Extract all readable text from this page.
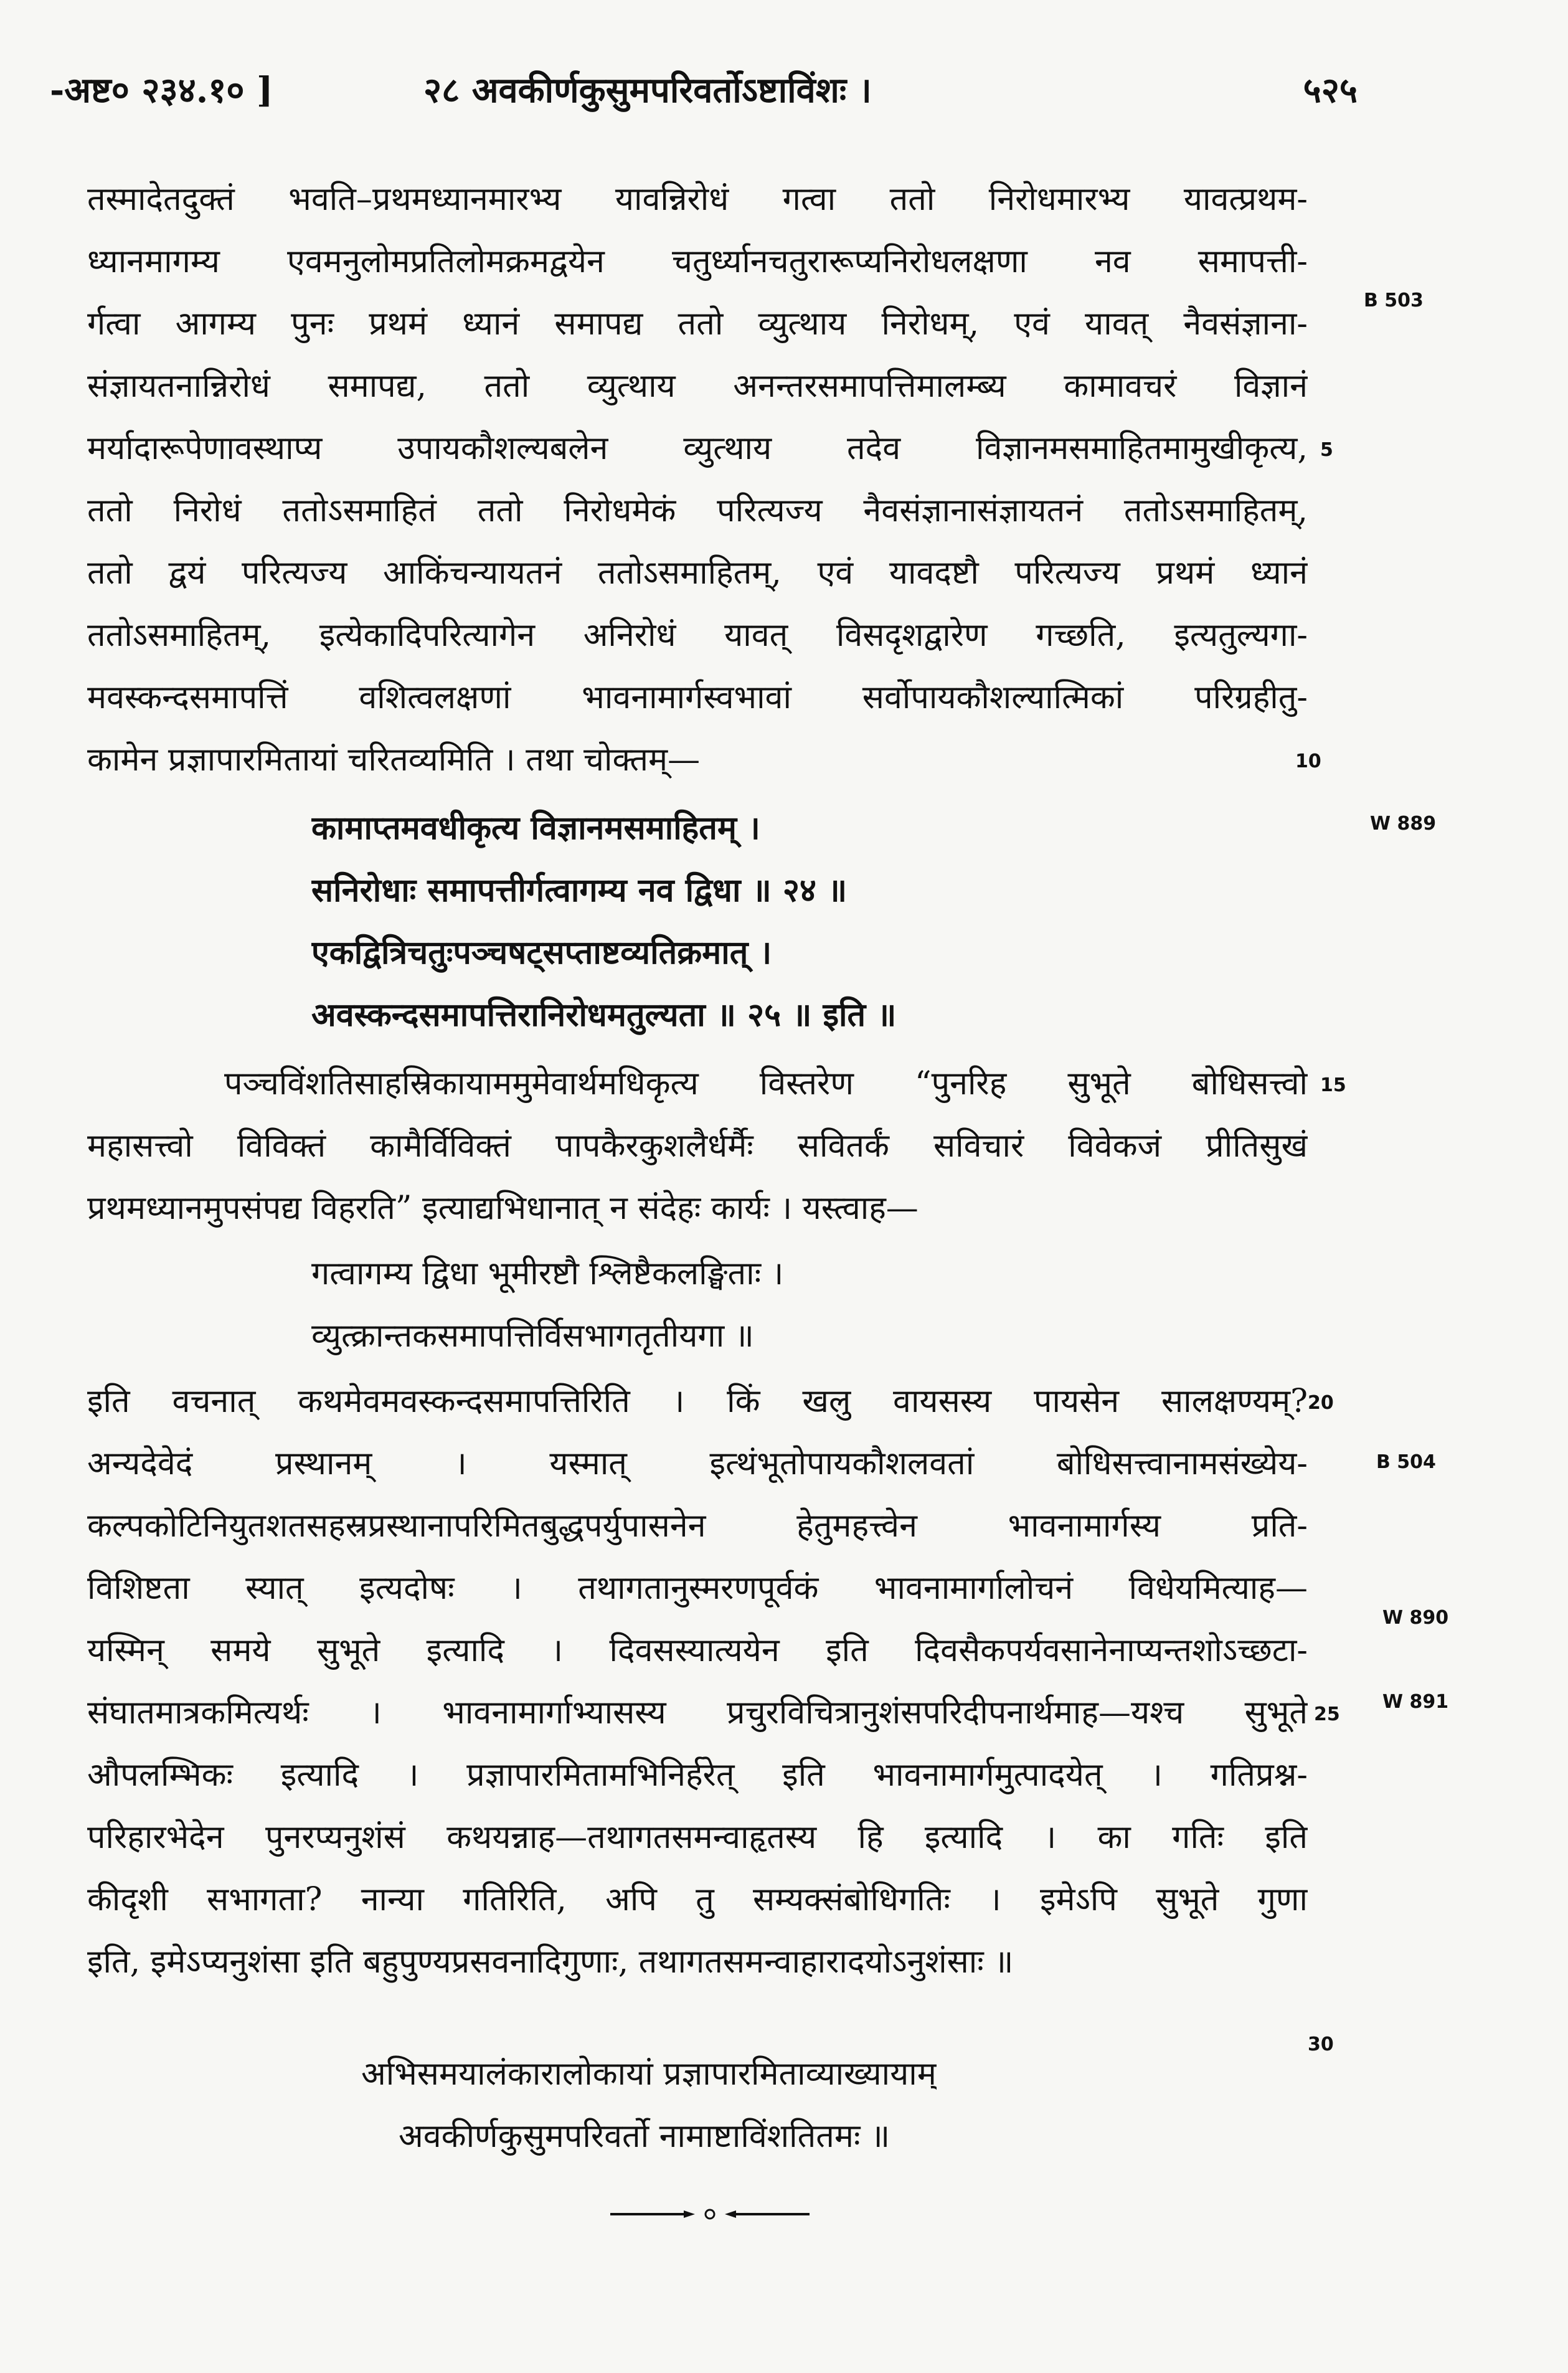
-अष्ट० २३४.१० ]	२८ अवकीर्णकुसुमपरिवर्तोऽष्टाविंशः ।	५२५
तस्मादेतदुक्तं भवति–प्रथमध्यानमारभ्य यावन्निरोधं गत्वा ततो निरोधमारभ्य यावत्प्रथम-
ध्यानमागम्य एवमनुलोमप्रतिलोमक्रमद्वयेन चतुर्ध्यानचतुरारूप्यनिरोधलक्षणा नव समापत्ती-
र्गत्वा आगम्य पुनः प्रथमं ध्यानं समापद्य ततो व्युत्थाय निरोधम्, एवं यावत् नैवसंज्ञाना-
संज्ञायतनान्निरोधं समापद्य, ततो व्युत्थाय अनन्तरसमापत्तिमालम्ब्य कामावचरं विज्ञानं
मर्यादारूपेणावस्थाप्य उपायकौशल्यबलेन व्युत्थाय तदेव विज्ञानमसमाहितमामुखीकृत्य,
ततो निरोधं ततोऽसमाहितं ततो निरोधमेकं परित्यज्य नैवसंज्ञानासंज्ञायतनं ततोऽसमाहितम्,
ततो द्वयं परित्यज्य आकिंचन्यायतनं ततोऽसमाहितम्, एवं यावदष्टौ परित्यज्य प्रथमं ध्यानं
ततोऽसमाहितम्, इत्येकादिपरित्यागेन अनिरोधं यावत् विसदृशद्वारेण गच्छति, इत्यतुल्यगा-
मवस्कन्दसमापत्तिं वशित्वलक्षणां भावनामार्गस्वभावां सर्वोपायकौशल्यात्मिकां परिग्रहीतु-
कामेन प्रज्ञापारमितायां चरितव्यमिति । तथा चोक्तम्—
कामाप्तमवधीकृत्य विज्ञानमसमाहितम् ।
सनिरोधाः समापत्तीर्गत्वागम्य नव द्विधा ॥ २४ ॥
एकद्वित्रिचतुःपञ्चषट्सप्ताष्टव्यतिक्रमात् ।
अवस्कन्दसमापत्तिरानिरोधमतुल्यता ॥ २५ ॥ इति ॥
पञ्चविंशतिसाहस्रिकायाममुमेवार्थमधिकृत्य विस्तरेण “पुनरिह सुभूते बोधिसत्त्वो
महासत्त्वो विविक्तं कामैर्विविक्तं पापकैरकुशलैर्धर्मैः सवितर्कं सविचारं विवेकजं प्रीतिसुखं
प्रथमध्यानमुपसंपद्य विहरति” इत्याद्यभिधानात् न संदेहः कार्यः । यस्त्वाह—
गत्वागम्य द्विधा भूमीरष्टौ श्लिष्टैकलङ्घिताः ।
व्युत्क्रान्तकसमापत्तिर्विसभागतृतीयगा ॥
इति वचनात् कथमेवमवस्कन्दसमापत्तिरिति । किं खलु वायसस्य पायसेन सालक्षण्यम्?
अन्यदेवेदं प्रस्थानम् । यस्मात् इत्थंभूतोपायकौशलवतां बोधिसत्त्वानामसंख्येय-
कल्पकोटिनियुतशतसहस्रप्रस्थानापरिमितबुद्धपर्युपासनेन हेतुमहत्त्वेन भावनामार्गस्य प्रति-
विशिष्टता स्यात् इत्यदोषः । तथागतानुस्मरणपूर्वकं भावनामार्गालोचनं विधेयमित्याह—
यस्मिन् समये सुभूते इत्यादि । दिवसस्यात्ययेन इति दिवसैकपर्यवसानेनाप्यन्तशोऽच्छटा-
संघातमात्रकमित्यर्थः । भावनामार्गाभ्यासस्य प्रचुरविचित्रानुशंसपरिदीपनार्थमाह—यश्च सुभूते
औपलम्भिकः इत्यादि । प्रज्ञापारमितामभिनिर्हरेत् इति भावनामार्गमुत्पादयेत् । गतिप्रश्न-
परिहारभेदेन पुनरप्यनुशंसं कथयन्नाह—तथागतसमन्वाहृतस्य हि इत्यादि । का गतिः इति
कीदृशी सभागता? नान्या गतिरिति, अपि तु सम्यक्संबोधिगतिः । इमेऽपि सुभूते गुणा
इति, इमेऽप्यनुशंसा इति बहुपुण्यप्रसवनादिगुणाः, तथागतसमन्वाहारादयोऽनुशंसाः ॥
अभिसमयालंकारालोकायां प्रज्ञापारमिताव्याख्यायाम्
अवकीर्णकुसुमपरिवर्तो नामाष्टाविंशतितमः ॥
5
10
15
20
25
30
B 503
W 889
B 504
W 890
W 891
